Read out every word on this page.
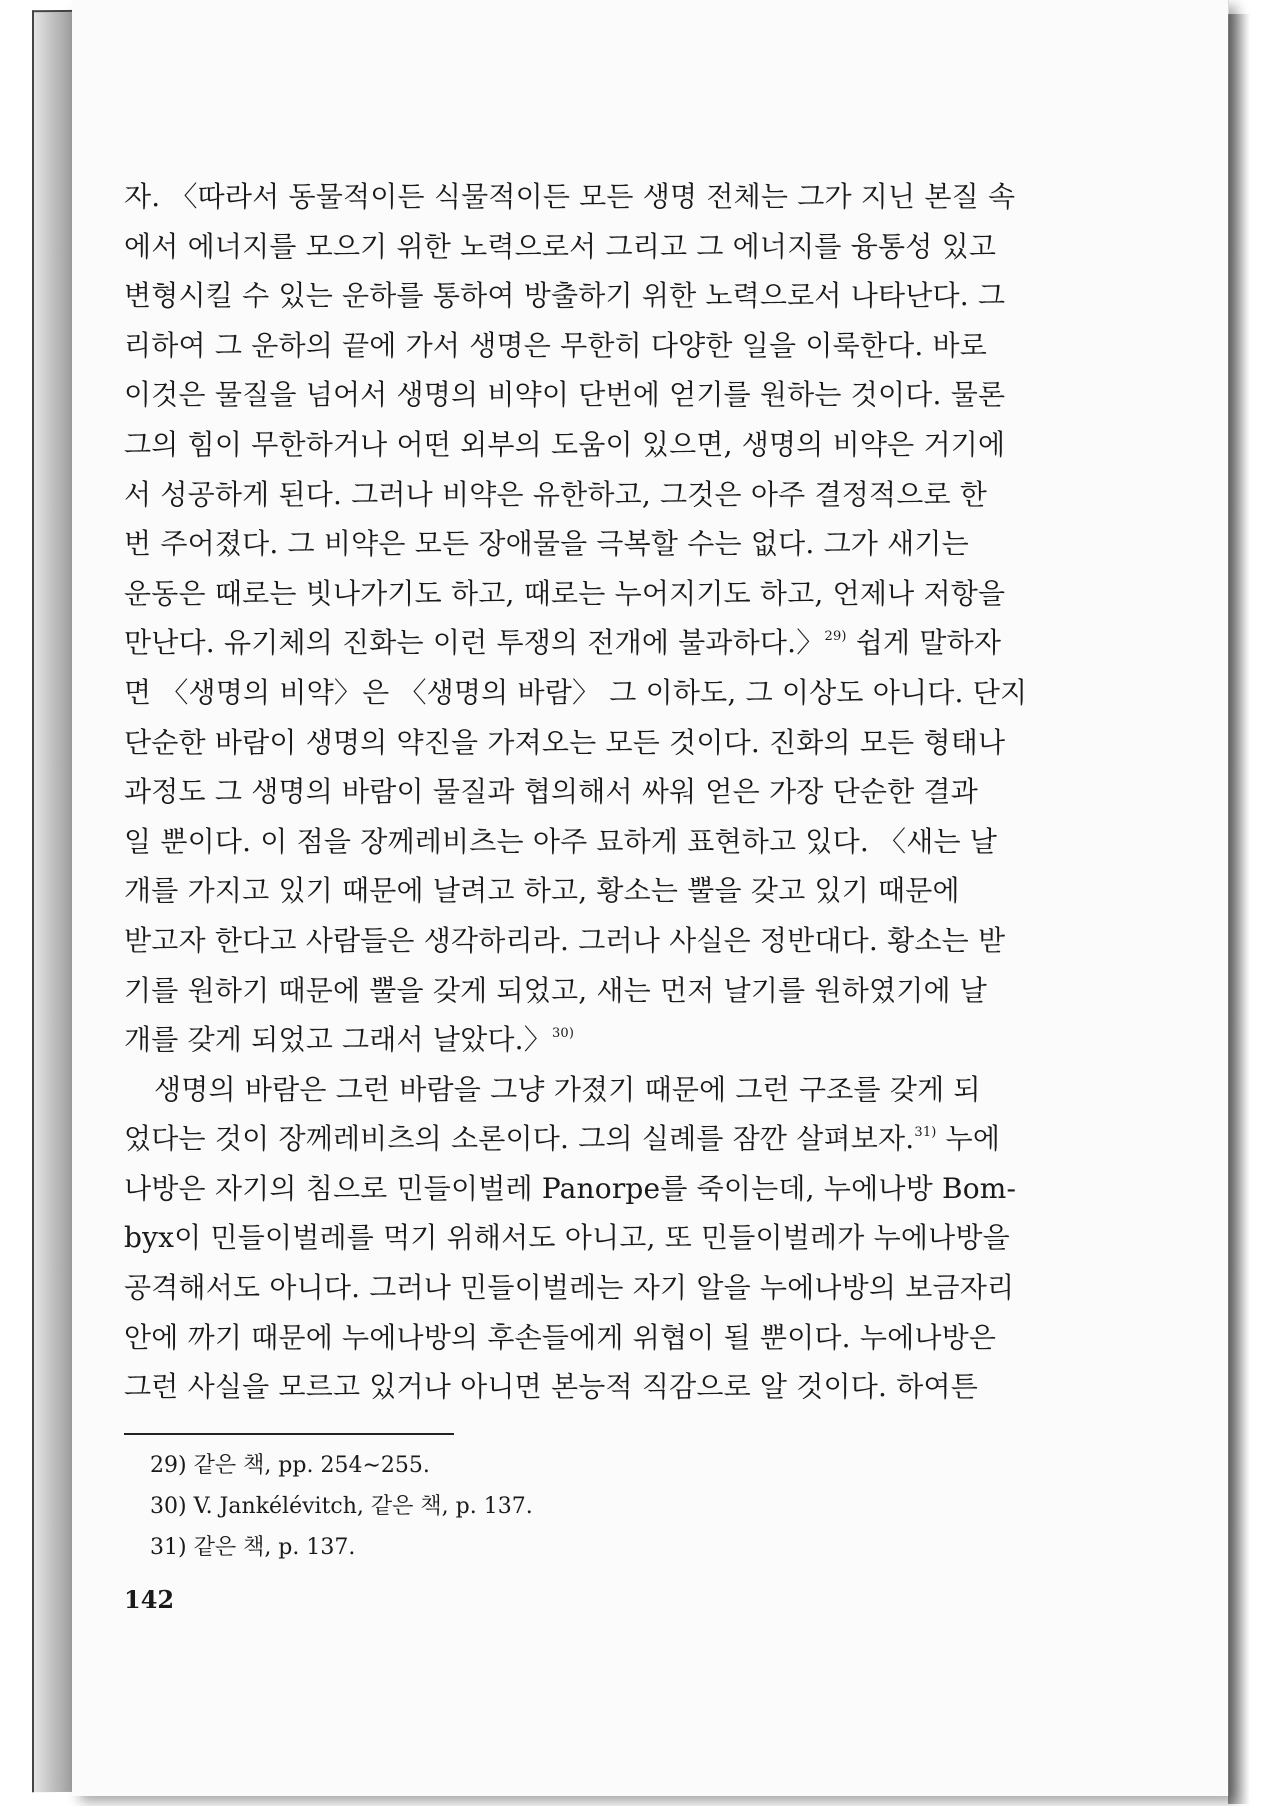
자. 〈따라서 동물적이든 식물적이든 모든 생명 전체는 그가 지닌 본질 속
에서 에너지를 모으기 위한 노력으로서 그리고 그 에너지를 융통성 있고
변형시킬 수 있는 운하를 통하여 방출하기 위한 노력으로서 나타난다. 그
리하여 그 운하의 끝에 가서 생명은 무한히 다양한 일을 이룩한다. 바로
이것은 물질을 넘어서 생명의 비약이 단번에 얻기를 원하는 것이다. 물론
그의 힘이 무한하거나 어떤 외부의 도움이 있으면, 생명의 비약은 거기에
서 성공하게 된다. 그러나 비약은 유한하고, 그것은 아주 결정적으로 한
번 주어졌다. 그 비약은 모든 장애물을 극복할 수는 없다. 그가 새기는
운동은 때로는 빗나가기도 하고, 때로는 누어지기도 하고, 언제나 저항을
만난다. 유기체의 진화는 이런 투쟁의 전개에 불과하다.〉$^{29)}$ 쉽게 말하자
면 〈생명의 비약〉은 〈생명의 바람〉 그 이하도, 그 이상도 아니다. 단지
단순한 바람이 생명의 약진을 가져오는 모든 것이다. 진화의 모든 형태나
과정도 그 생명의 바람이 물질과 협의해서 싸워 얻은 가장 단순한 결과
일 뿐이다. 이 점을 장께레비츠는 아주 묘하게 표현하고 있다. 〈새는 날
개를 가지고 있기 때문에 날려고 하고, 황소는 뿔을 갖고 있기 때문에
받고자 한다고 사람들은 생각하리라. 그러나 사실은 정반대다. 황소는 받
기를 원하기 때문에 뿔을 갖게 되었고, 새는 먼저 날기를 원하였기에 날
개를 갖게 되었고 그래서 날았다.〉$^{30)}$
생명의 바람은 그런 바람을 그냥 가졌기 때문에 그런 구조를 갖게 되
었다는 것이 장께레비츠의 소론이다. 그의 실례를 잠깐 살펴보자.$^{31)}$ 누에
나방은 자기의 침으로 민들이벌레 Panorpe를 죽이는데, 누에나방 Bom-
byx이 민들이벌레를 먹기 위해서도 아니고, 또 민들이벌레가 누에나방을
공격해서도 아니다. 그러나 민들이벌레는 자기 알을 누에나방의 보금자리
안에 까기 때문에 누에나방의 후손들에게 위협이 될 뿐이다. 누에나방은
그런 사실을 모르고 있거나 아니면 본능적 직감으로 알 것이다. 하여튼
29) 같은 책, pp. 254∼255.
30) V. Jankélévitch, 같은 책, p. 137.
31) 같은 책, p. 137.
142
